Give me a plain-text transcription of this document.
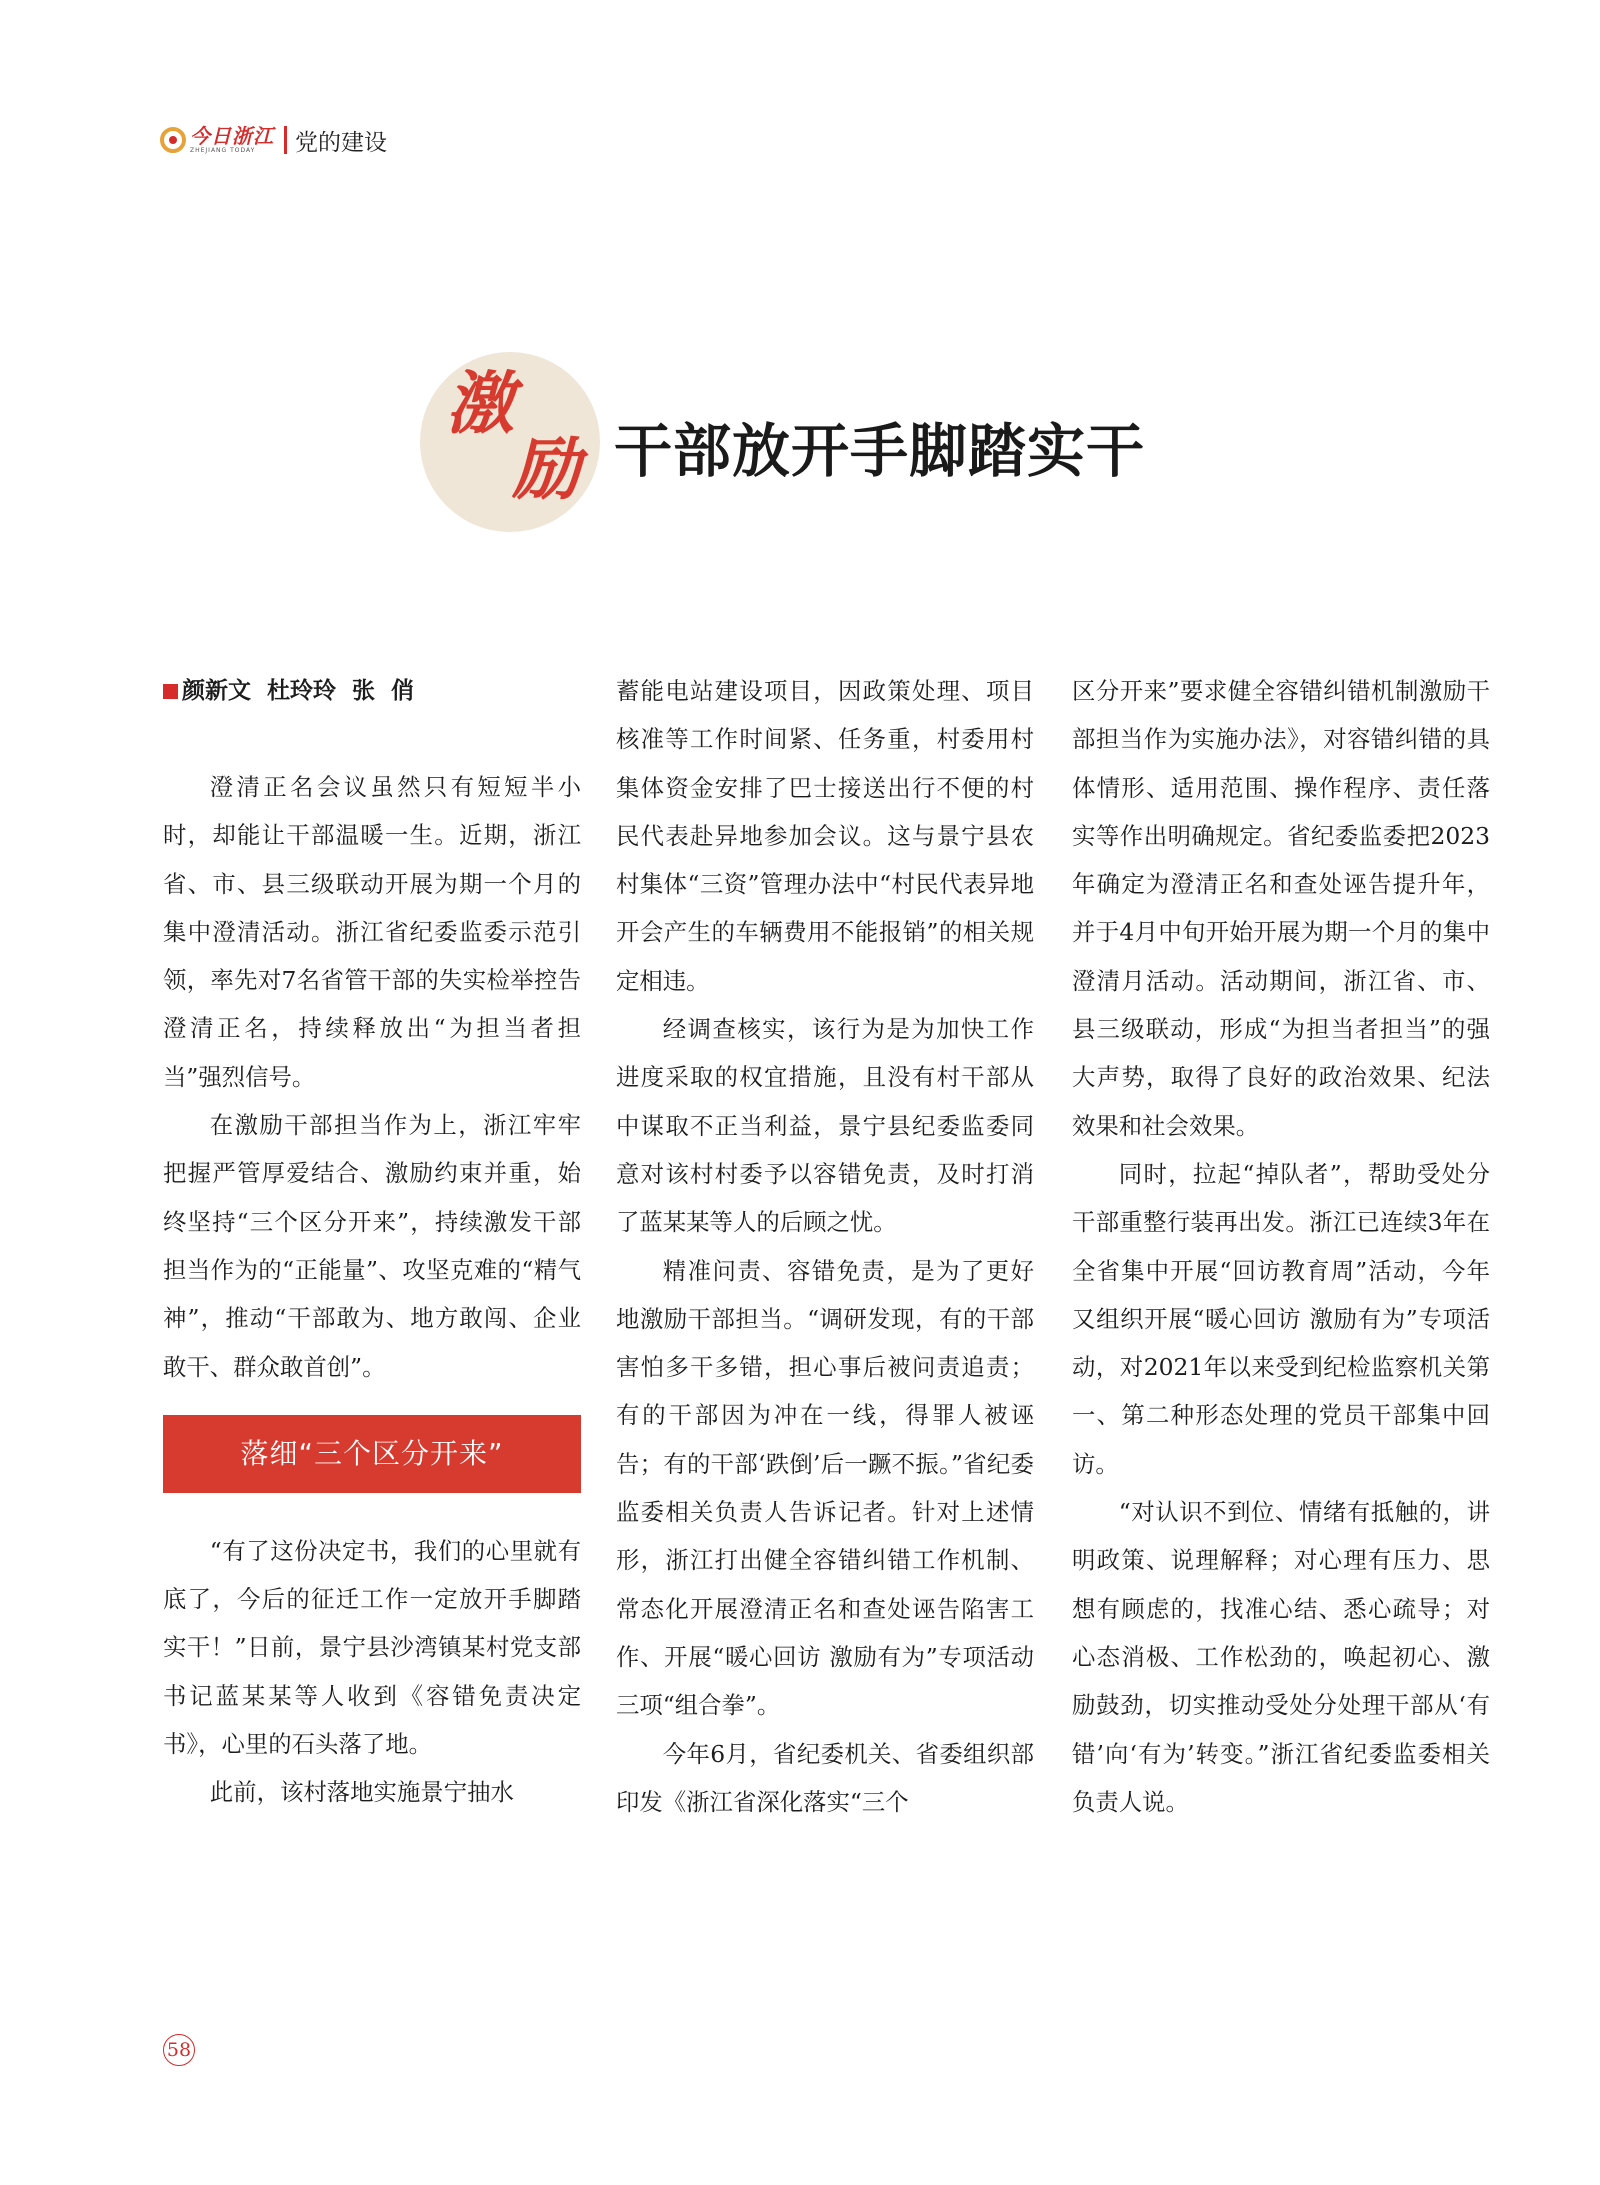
今日浙江
ZHEJIANG TODAY	党的建设
激
励 干部放开手脚踏实干
颜新文  杜玲玲  张  俏

澄清正名会议虽然只有短短半小时，却能让干部温暖一生。近期，浙江省、市、县三级联动开展为期一个月的集中澄清活动。浙江省纪委监委示范引领，率先对7名省管干部的失实检举控告澄清正名，持续释放出“为担当者担当”强烈信号。

在激励干部担当作为上，浙江牢牢把握严管厚爱结合、激励约束并重，始终坚持“三个区分开来”，持续激发干部担当作为的“正能量”、攻坚克难的“精气神”，推动“干部敢为、地方敢闯、企业敢干、群众敢首创”。

落细“三个区分开来”

“有了这份决定书，我们的心里就有底了，今后的征迁工作一定放开手脚踏实干！”日前，景宁县沙湾镇某村党支部书记蓝某某等人收到《容错免责决定书》，心里的石头落了地。

此前，该村落地实施景宁抽水

蓄能电站建设项目，因政策处理、项目核准等工作时间紧、任务重，村委用村集体资金安排了巴士接送出行不便的村民代表赴异地参加会议。这与景宁县农村集体“三资”管理办法中“村民代表异地开会产生的车辆费用不能报销”的相关规定相违。

经调查核实，该行为是为加快工作进度采取的权宜措施，且没有村干部从中谋取不正当利益，景宁县纪委监委同意对该村村委予以容错免责，及时打消了蓝某某等人的后顾之忧。

精准问责、容错免责，是为了更好地激励干部担当。“调研发现，有的干部害怕多干多错，担心事后被问责追责；有的干部因为冲在一线，得罪人被诬告；有的干部‘跌倒’后一蹶不振。”省纪委监委相关负责人告诉记者。针对上述情形，浙江打出健全容错纠错工作机制、常态化开展澄清正名和查处诬告陷害工作、开展“暖心回访 激励有为”专项活动三项“组合拳”。

今年6月，省纪委机关、省委组织部印发《浙江省深化落实“三个

区分开来”要求健全容错纠错机制激励干部担当作为实施办法》，对容错纠错的具体情形、适用范围、操作程序、责任落实等作出明确规定。省纪委监委把2023年确定为澄清正名和查处诬告提升年，并于4月中旬开始开展为期一个月的集中澄清月活动。活动期间，浙江省、市、县三级联动，形成“为担当者担当”的强大声势，取得了良好的政治效果、纪法效果和社会效果。

同时，拉起“掉队者”，帮助受处分干部重整行装再出发。浙江已连续3年在全省集中开展“回访教育周”活动，今年又组织开展“暖心回访 激励有为”专项活动，对2021年以来受到纪检监察机关第一、第二种形态处理的党员干部集中回访。

“对认识不到位、情绪有抵触的，讲明政策、说理解释；对心理有压力、思想有顾虑的，找准心结、悉心疏导；对心态消极、工作松劲的，唤起初心、激励鼓劲，切实推动受处分处理干部从‘有错’向‘有为’转变。”浙江省纪委监委相关负责人说。

58
